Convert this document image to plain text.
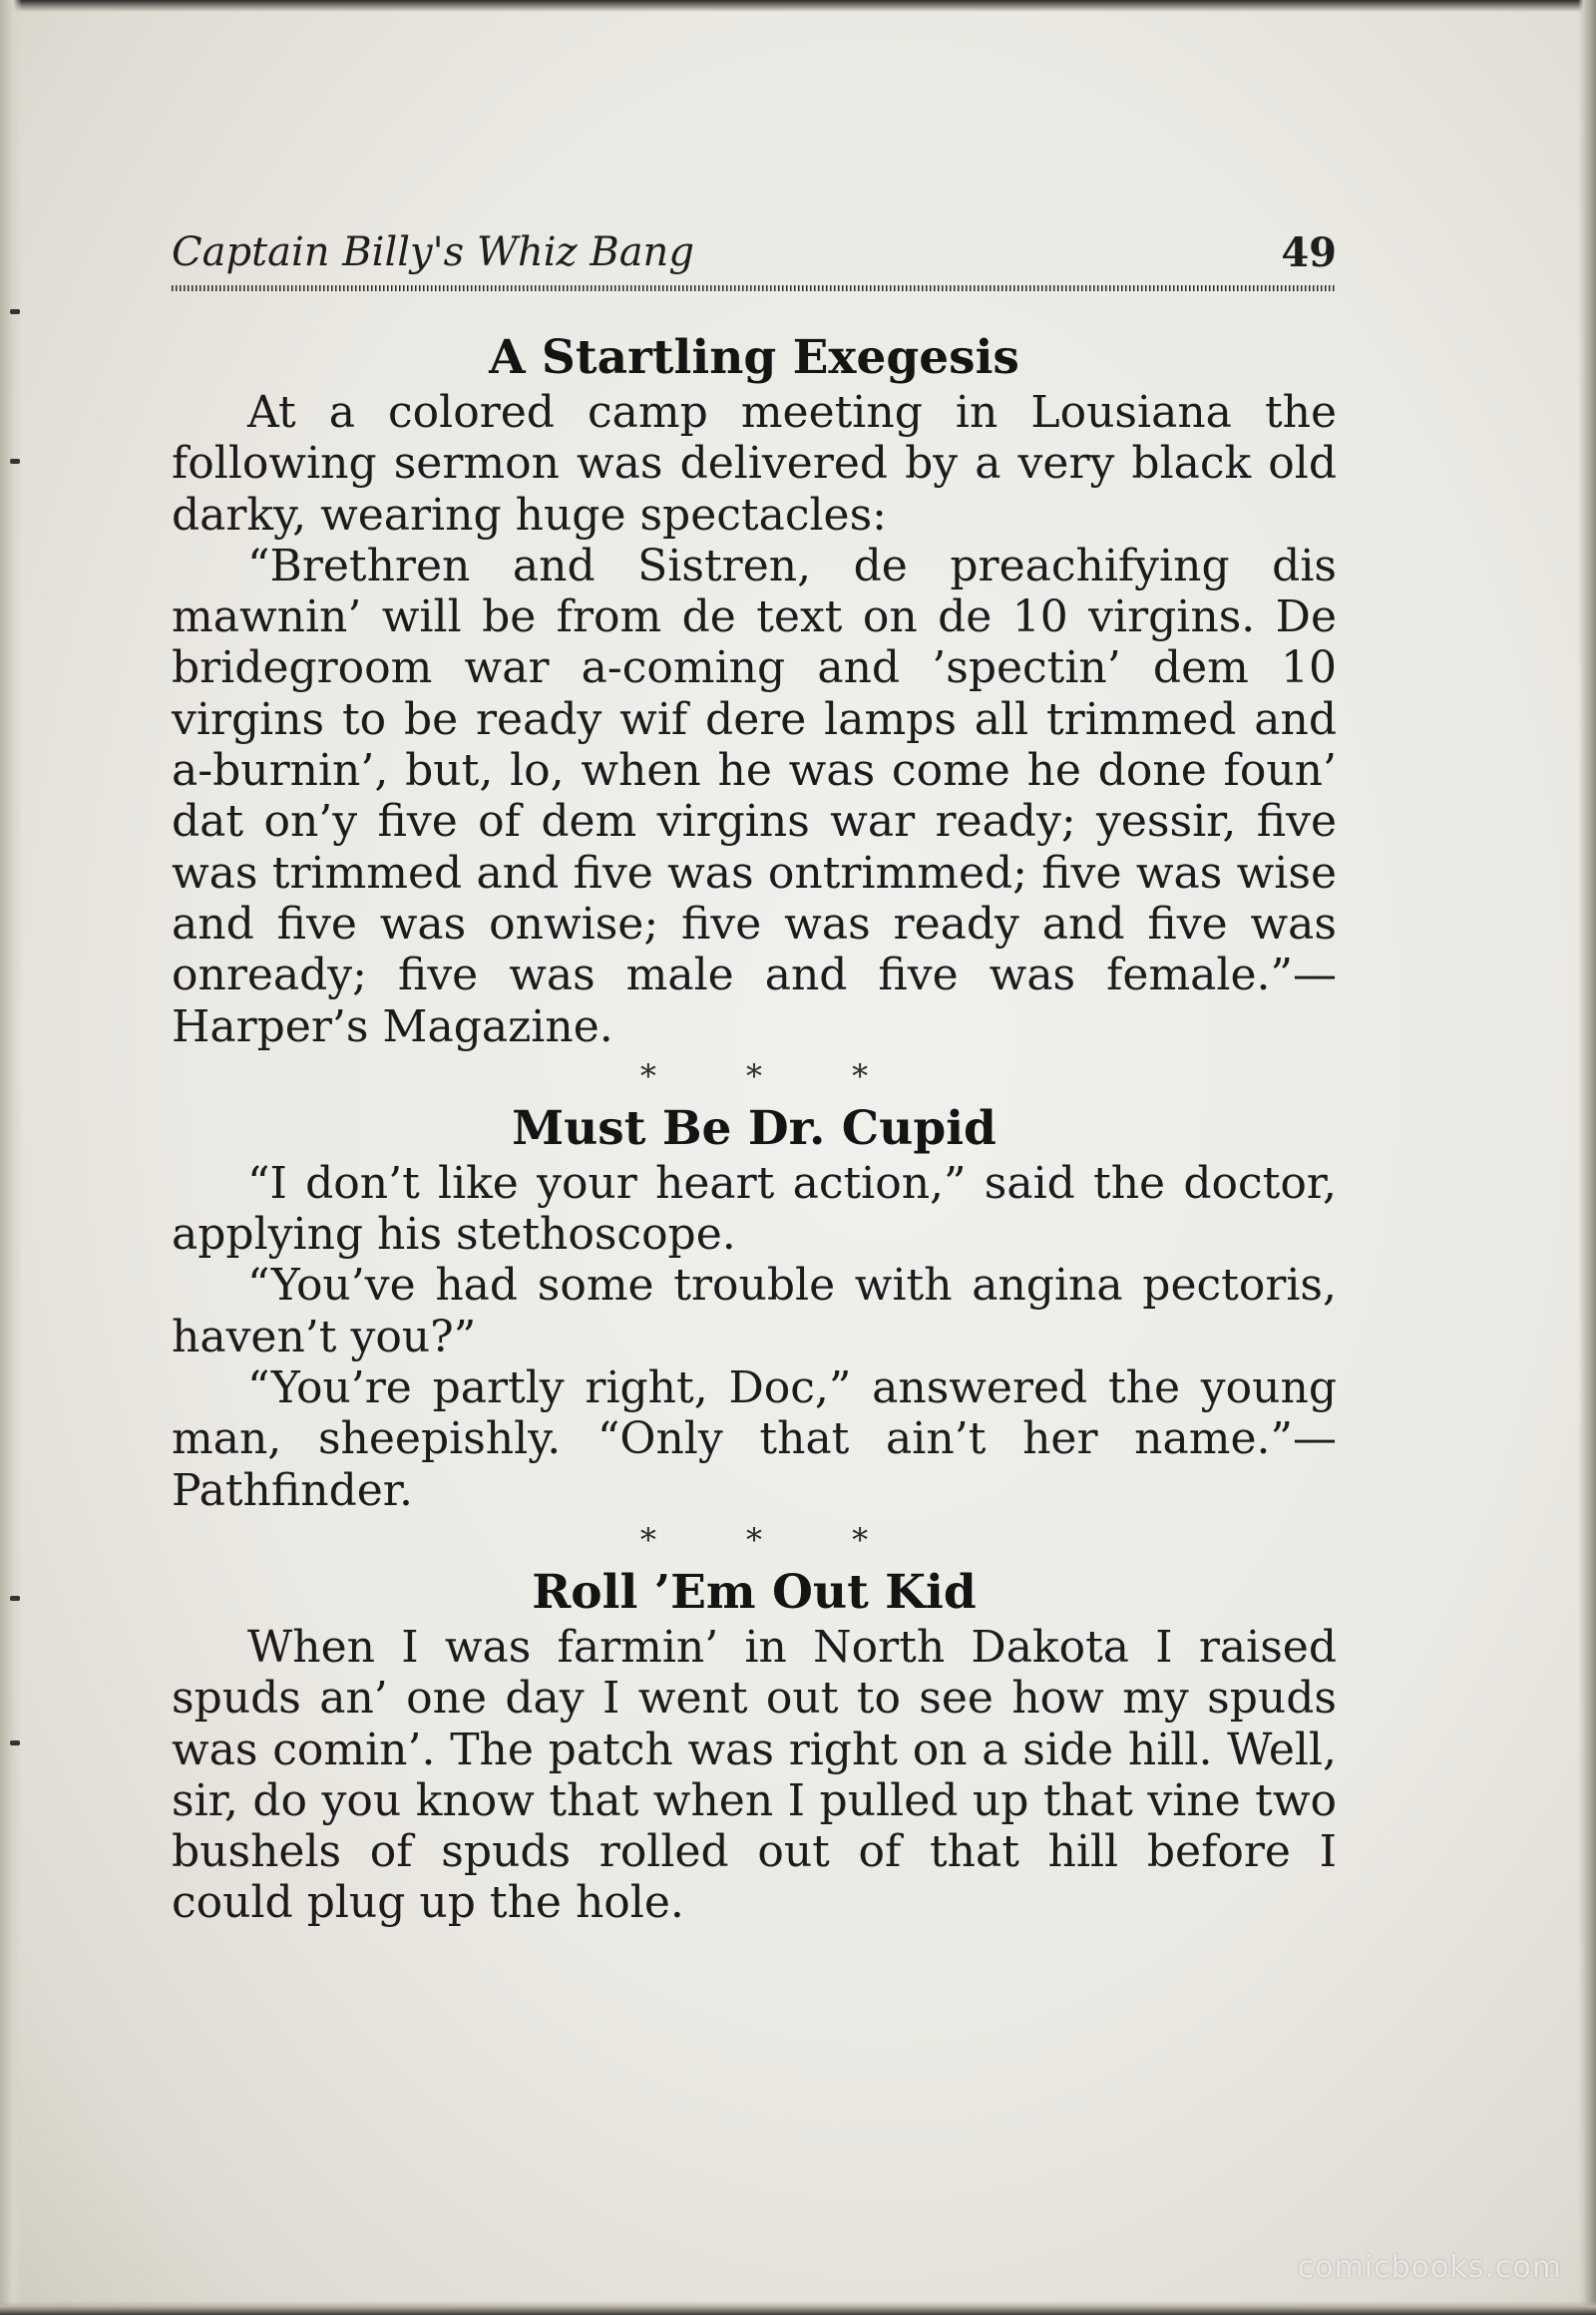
Captain Billy's Whiz Bang	49
A Startling Exegesis

At a colored camp meeting in Lousiana the following sermon was delivered by a very black old darky, wearing huge spectacles:

“Brethren and Sistren, de preachifying dis mawnin’ will be from de text on de 10 virgins. De bridegroom war a-coming and ’spectin’ dem 10 virgins to be ready wif dere lamps all trimmed and a-burnin’, but, lo, when he was come he done foun’ dat on’y five of dem virgins war ready; yessir, five was trimmed and five was ontrimmed; five was wise and five was onwise; five was ready and five was onready; five was male and five was female.”—Harper’s Magazine.

* * *

Must Be Dr. Cupid

“I don’t like your heart action,” said the doctor, applying his stethoscope.

“You’ve had some trouble with angina pectoris, haven’t you?”

“You’re partly right, Doc,” answered the young man, sheepishly. “Only that ain’t her name.”—Pathfinder.

* * *

Roll ’Em Out Kid

When I was farmin’ in North Dakota I raised spuds an’ one day I went out to see how my spuds was comin’. The patch was right on a side hill. Well, sir, do you know that when I pulled up that vine two bushels of spuds rolled out of that hill before I could plug up the hole.

comicbooks.com
